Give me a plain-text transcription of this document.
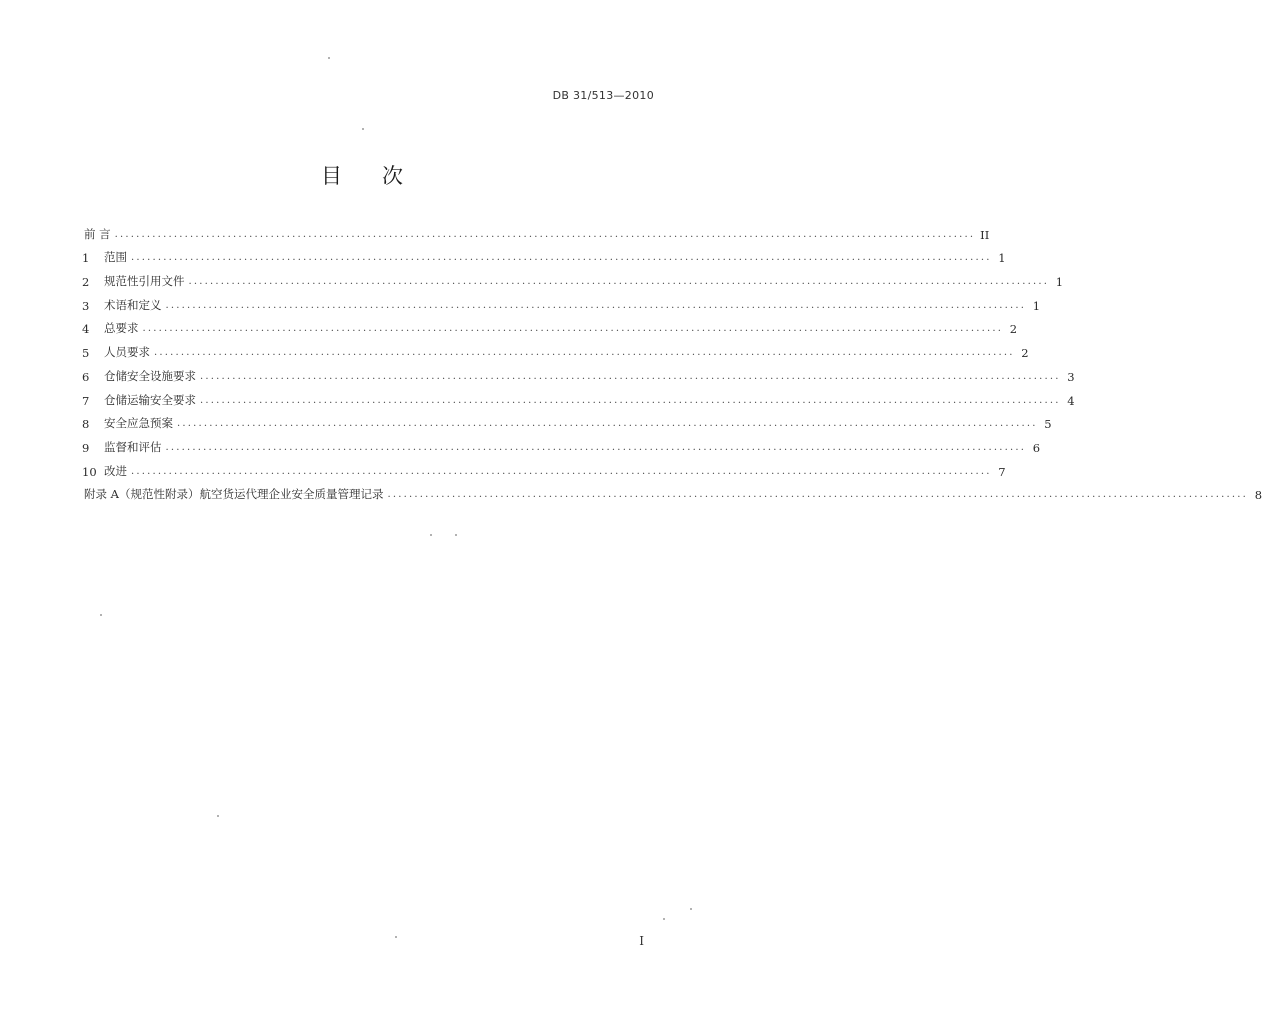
DB 31/513—2010
目 次
前 言 ................................................................................................................................................................ II
1	范围 ................................................................................................................................................................ 1
2	规范性引用文件 ................................................................................................................................................................ 1
3	术语和定义 ................................................................................................................................................................ 1
4	总要求 ................................................................................................................................................................ 2
5	人员要求 ................................................................................................................................................................ 2
6	仓储安全设施要求 ................................................................................................................................................................ 3
7	仓储运输安全要求 ................................................................................................................................................................ 4
8	安全应急预案 ................................................................................................................................................................ 5
9	监督和评估 ................................................................................................................................................................ 6
10 改进 ................................................................................................................................................................ 7
附录 A（规范性附录）航空货运代理企业安全质量管理记录 ................................................................................................................................................................ 8
I
